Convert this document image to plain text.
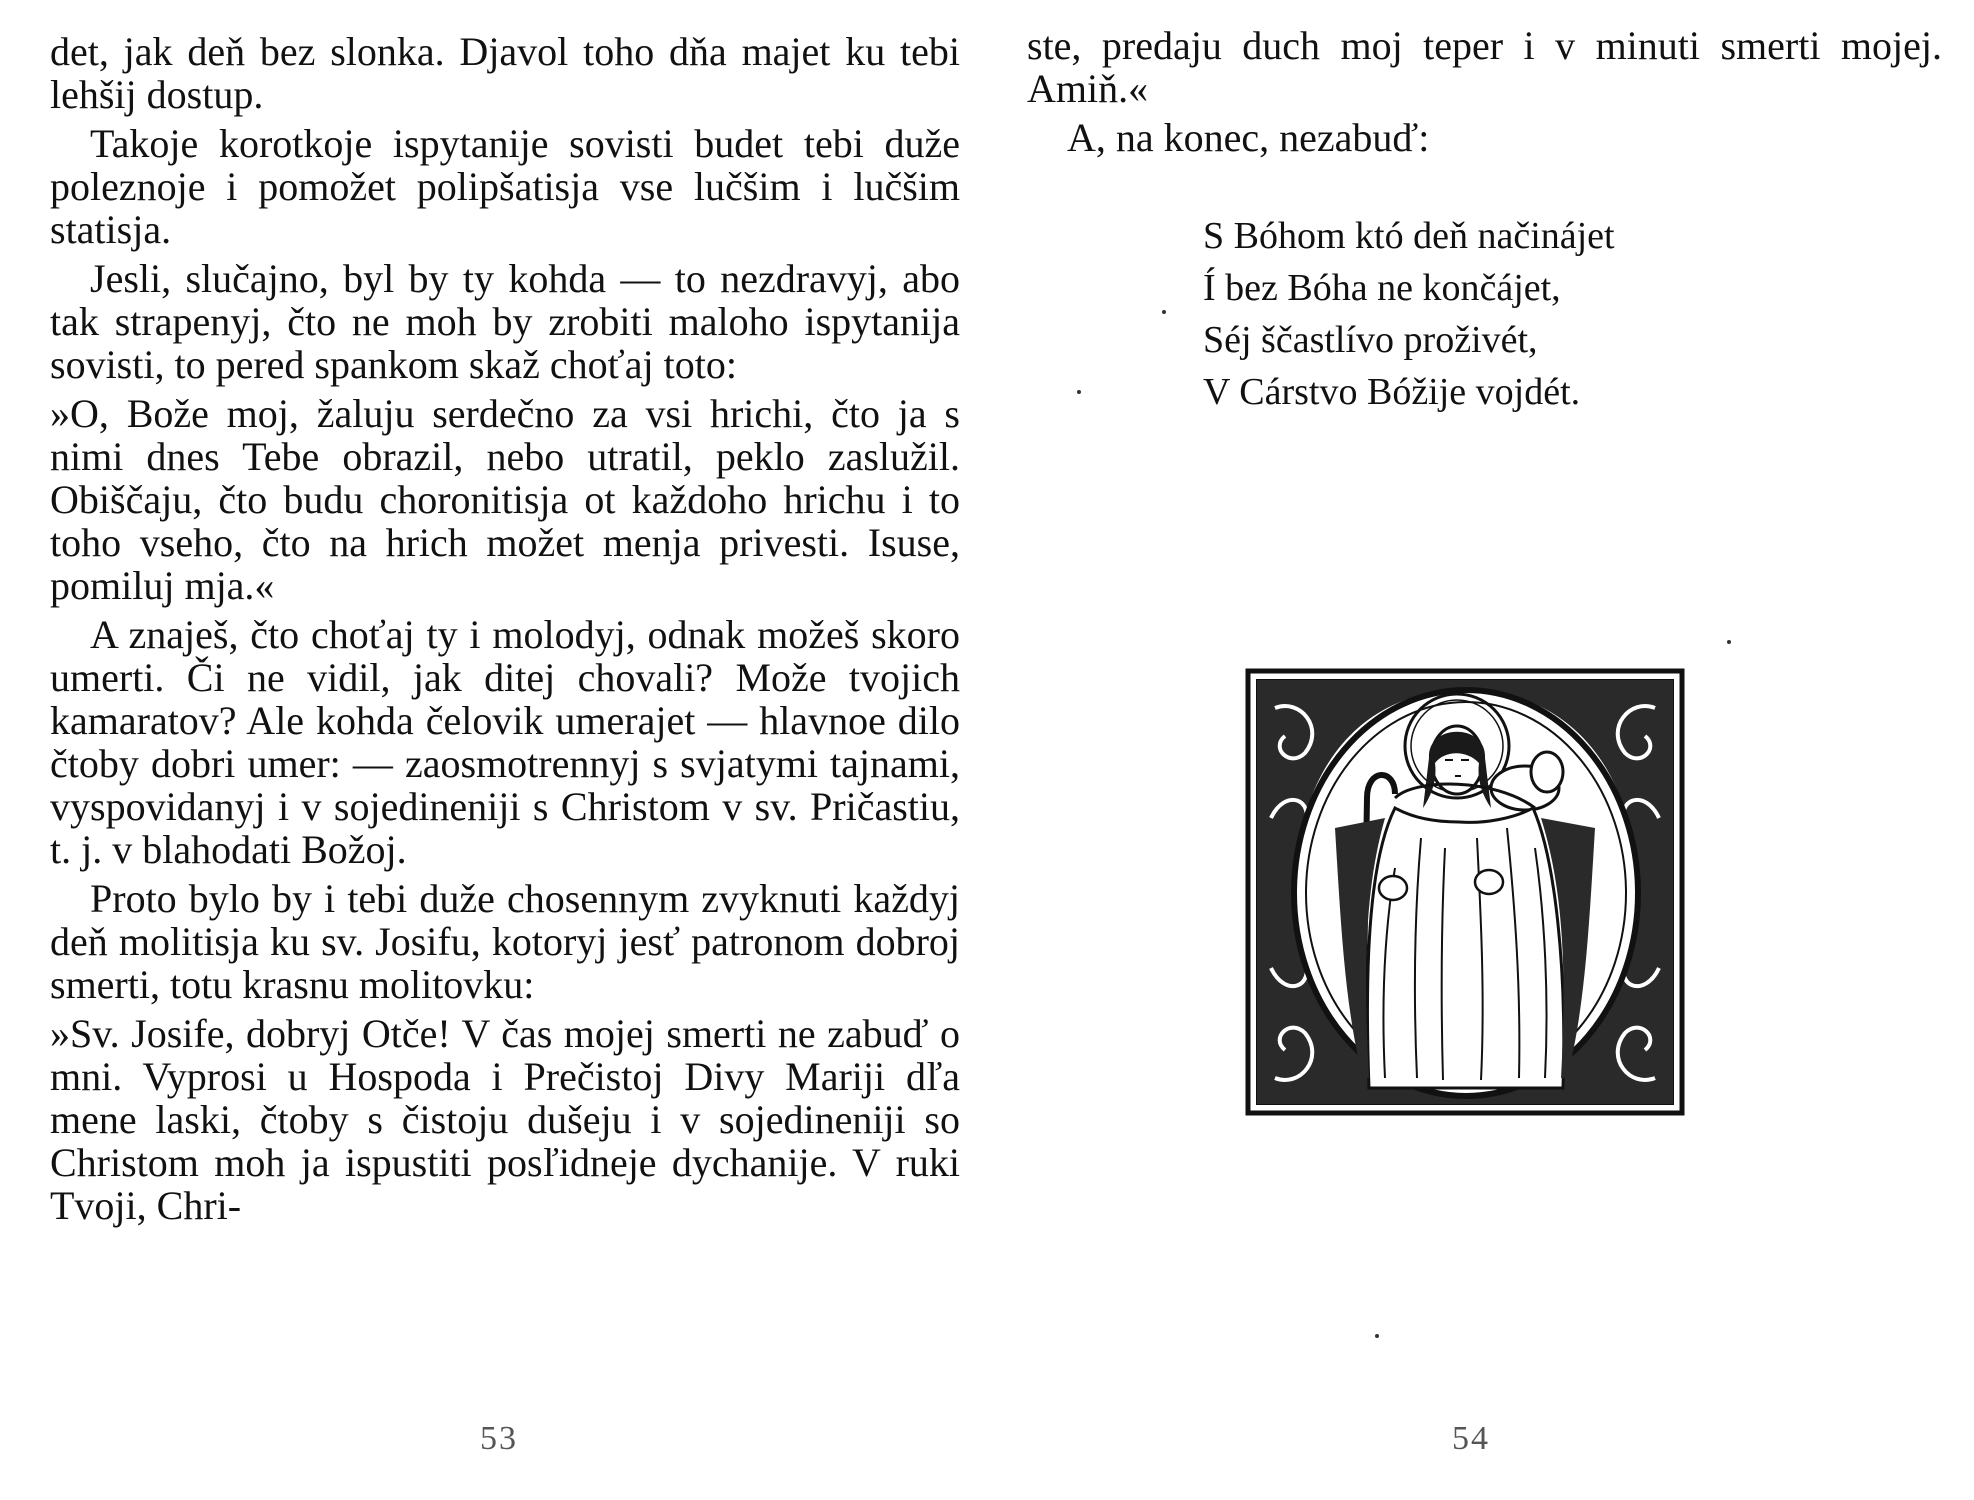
det, jak deň bez slonka. Djavol toho dňa majet ku tebi lehšij dostup.

Takoje korotkoje ispytanije sovisti budet tebi duže poleznoje i pomožet polipšatisja vse lučšim i lučšim statisja.

Jesli, slučajno, byl by ty kohda — to nezdravyj, abo tak strapenyj, čto ne moh by zrobiti maloho ispytanija sovisti, to pered spankom skaž choťaj toto:

»O, Bože moj, žaluju serdečno za vsi hrichi, čto ja s nimi dnes Tebe obrazil, nebo utratil, peklo zaslužil. Obiščaju, čto budu choronitisja ot každoho hrichu i to toho vseho, čto na hrich možet menja privesti. Isuse, pomiluj mja.«

A znaješ, čto choťaj ty i molodyj, odnak možeš skoro umerti. Či ne vidil, jak ditej chovali? Može tvojich kamaratov? Ale kohda čelovik umerajet — hlavnoe dilo čtoby dobri umer: — zaosmotrennyj s svjatymi tajnami, vyspovidanyj i v sojedineniji s Christom v sv. Pričastiu, t. j. v blahodati Božoj.

Proto bylo by i tebi duže chosennym zvyknuti každyj deň molitisja ku sv. Josifu, kotoryj jesť patronom dobroj smerti, totu krasnu molitovku:

»Sv. Josife, dobryj Otče! V čas mojej smerti ne zabuď o mni. Vyprosi u Hospoda i Prečistoj Divy Mariji dľa mene laski, čtoby s čistoju dušeju i v sojedineniji so Christom moh ja ispustiti posľidneje dychanije. V ruki Tvoji, Chri-

53

ste, predaju duch moj teper i v minuti smerti mojej. Amiň.«

A, na konec, nezabuď:

S Bóhom któ deň načinájet
Í bez Bóha ne končájet,
Séj ščastlívo proživét,
V Cárstvo Bóžije vojdét.
54
